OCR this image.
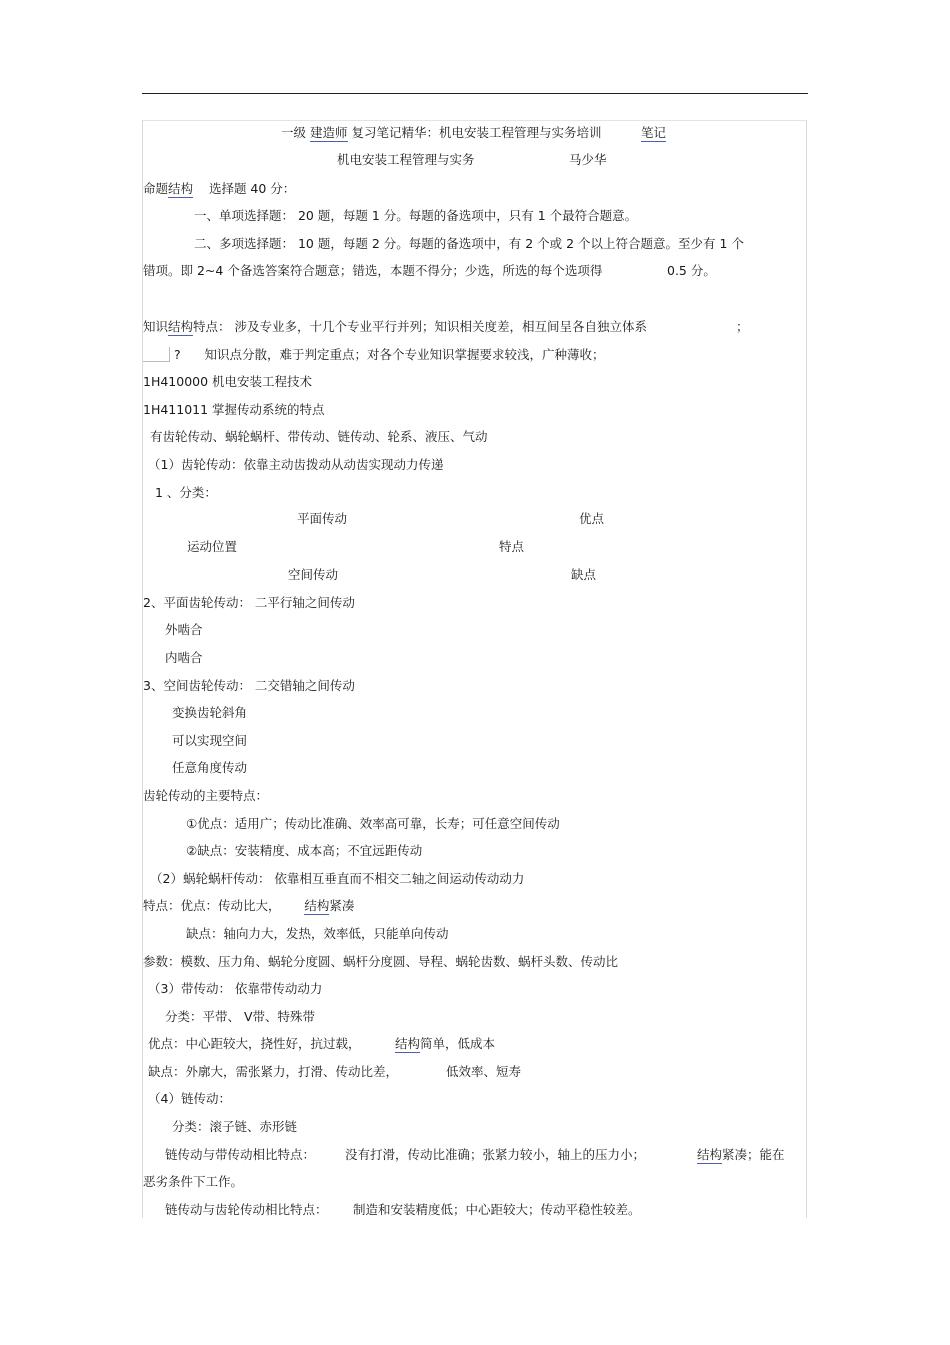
一级 建造师 复习笔记精华：机电安装工程管理与实务培训	笔记
机电安装工程管理与实务	马少华
命题结构 选择题 40 分：
一、单项选择题： 20 题，每题 1 分。每题的备选项中，只有 1 个最符合题意。
二、多项选择题： 10 题，每题 2 分。每题的备选项中，有 2 个或 2 个以上符合题意。至少有 1 个
错项。即 2~4 个备选答案符合题意；错选，本题不得分；少选，所选的每个选项得	0.5 分。
知识结构特点： 涉及专业多，十几个专业平行并列；知识相关度差，相互间呈各自独立体系	；
? 知识点分散，难于判定重点；对各个专业知识掌握要求较浅，广种薄收；
1H410000 机电安装工程技术
1H411011 掌握传动系统的特点
有齿轮传动、蜗轮蜗杆、带传动、链传动、轮系、液压、气动
（1）齿轮传动：依靠主动齿拨动从动齿实现动力传递
1 、分类：
平面传动	优点
运动位置	特点
空间传动	缺点
2、平面齿轮传动： 二平行轴之间传动
外啮合
内啮合
3、空间齿轮传动： 二交错轴之间传动
变换齿轮斜角
可以实现空间
任意角度传动
齿轮传动的主要特点：
①优点：适用广；传动比准确、效率高可靠，长寿；可任意空间传动
②缺点：安装精度、成本高；不宜远距传动
（2）蜗轮蜗杆传动： 依靠相互垂直而不相交二轴之间运动传动动力
特点：优点：传动比大， 结构紧凑
缺点：轴向力大，发热，效率低，只能单向传动
参数：模数、压力角、蜗轮分度圆、蜗杆分度圆、导程、蜗轮齿数、蜗杆头数、传动比
（3）带传动： 依靠带传动动力
分类：平带、 V带、特殊带
优点：中心距较大，挠性好，抗过载，	结构简单，低成本
缺点：外廓大，需张紧力，打滑、传动比差，	低效率、短寿
（4）链传动：
分类：滚子链、赤形链
链传动与带传动相比特点： 没有打滑，传动比准确；张紧力较小，轴上的压力小；	结构紧凑；能在
恶劣条件下工作。
链传动与齿轮传动相比特点： 制造和安装精度低；中心距较大；传动平稳性较差。
